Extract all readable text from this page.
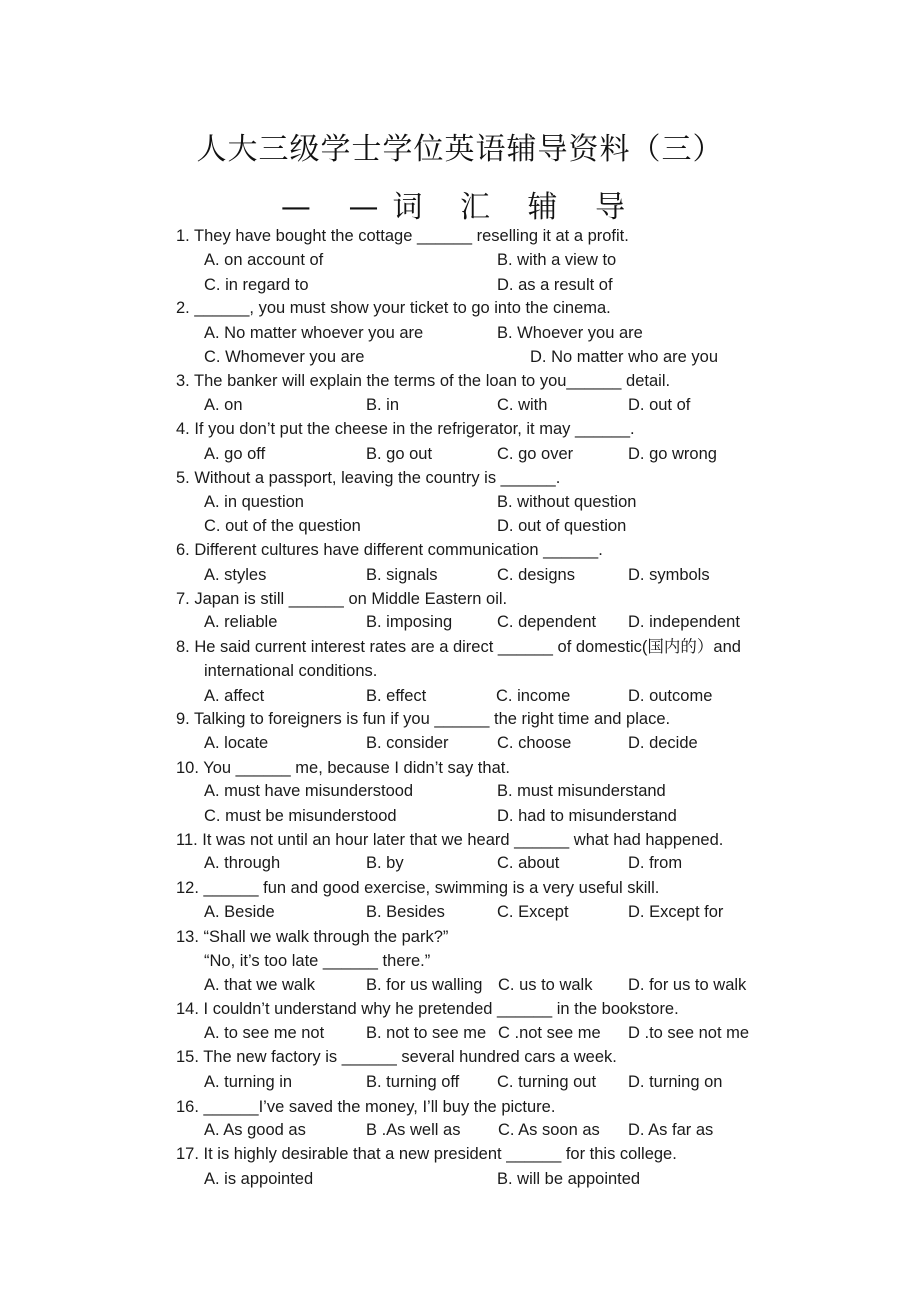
人大三级学士学位英语辅导资料（三）
— —词 汇 辅 导
1. They have bought the cottage ______ reselling it at a profit.
A. on account of	B. with a view to
C. in regard to	D. as a result of
2. ______, you must show your ticket to go into the cinema.
A. No matter whoever you are	B. Whoever you are
C. Whomever you are	D. No matter who are you
3. The banker will explain the terms of the loan to you______ detail.
A. on	B. in	C. with	D. out of
4. If you don’t put the cheese in the refrigerator, it may ______.
A. go off	B. go out	C. go over	D. go wrong
5. Without a passport, leaving the country is ______.
A. in question	B. without question
C. out of the question	D. out of question
6. Different cultures have different communication ______.
A. styles	B. signals	C. designs	D. symbols
7. Japan is still ______ on Middle Eastern oil.
A. reliable	B. imposing	C. dependent D. independent
8. He said current interest rates are a direct ______ of domestic(国内的）and
international conditions.
A. affect	B. effect	C. income	D. outcome
9. Talking to foreigners is fun if you ______ the right time and place.
A. locate	B. consider	C. choose	D. decide
10. You ______ me, because I didn’t say that.
A. must have misunderstood	B. must misunderstand
C. must be misunderstood	D. had to misunderstand
11. It was not until an hour later that we heard ______ what had happened.
A. through	B. by	C. about	D. from
12. ______ fun and good exercise, swimming is a very useful skill.
A. Beside	B. Besides	C. Except	D. Except for
13. “Shall we walk through the park?”
“No, it’s too late ______ there.”
A. that we walk	B. for us walling C. us to walk D. for us to walk
14. I couldn’t understand why he pretended ______ in the bookstore.
A. to see me not	B. not to see me C .not see me D .to see not me
15. The new factory is ______ several hundred cars a week.
A. turning in	B. turning off C. turning out D. turning on
16. ______I’ve saved the money, I’ll buy the picture.
A. As good as	B .As well as C. As soon as D. As far as
17. It is highly desirable that a new president ______ for this college.
A. is appointed	B. will be appointed
